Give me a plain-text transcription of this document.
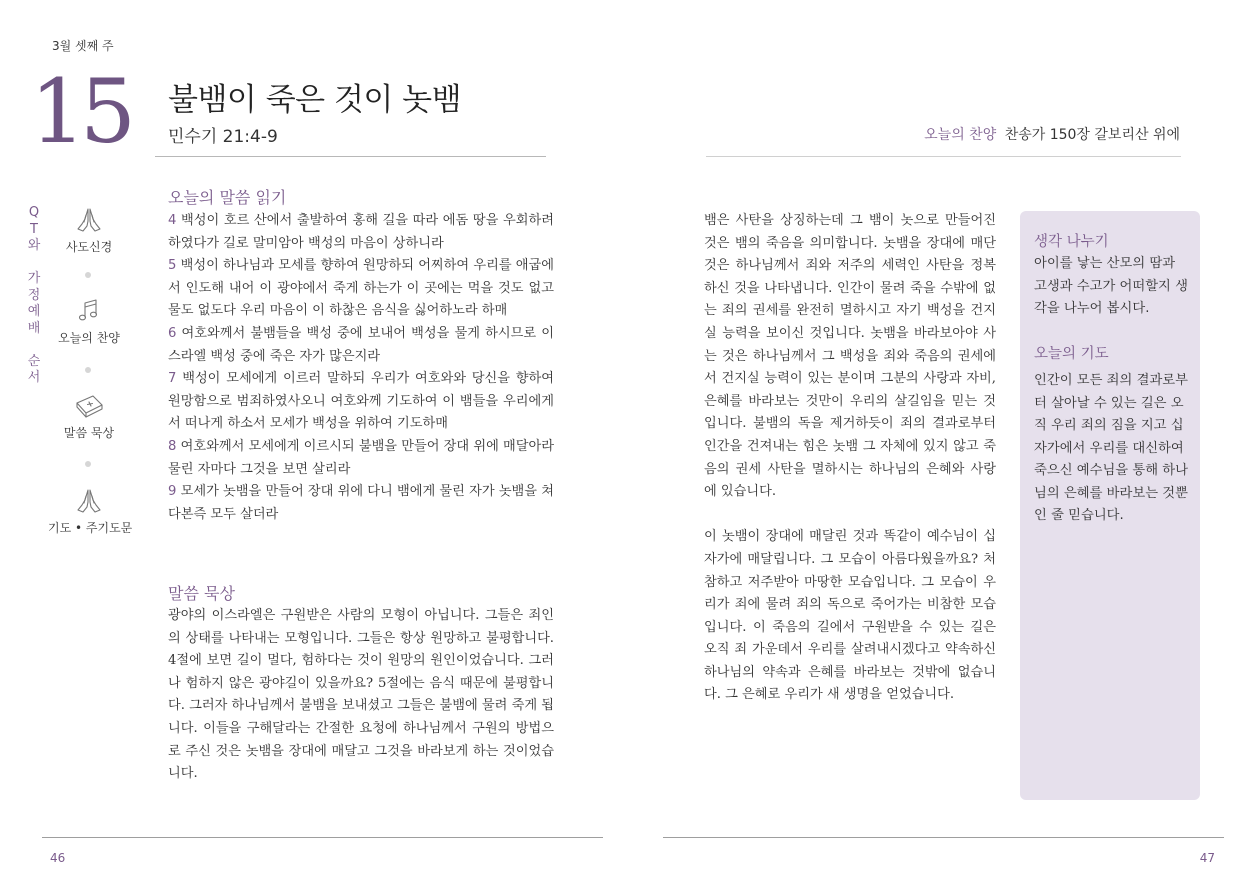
3월 셋째 주
15 불뱀이 죽은 것이 놋뱀
민수기 21:4-9	오늘의 찬양 찬송가 150장 갈보리산 위에
Q
T
와

가
정
예
배

순
서
사도신경
오늘의 찬양
말씀 묵상
기도 • 주기도문
오늘의 말씀 읽기

4 백성이 호르 산에서 출발하여 홍해 길을 따라 에돔 땅을 우회하려 하였다가 길로 말미암아 백성의 마음이 상하니라

5 백성이 하나님과 모세를 향하여 원망하되 어찌하여 우리를 애굽에서 인도해 내어 이 광야에서 죽게 하는가 이 곳에는 먹을 것도 없고 물도 없도다 우리 마음이 이 하찮은 음식을 싫어하노라 하매

6 여호와께서 불뱀들을 백성 중에 보내어 백성을 물게 하시므로 이스라엘 백성 중에 죽은 자가 많은지라

7 백성이 모세에게 이르러 말하되 우리가 여호와와 당신을 향하여 원망함으로 범죄하였사오니 여호와께 기도하여 이 뱀들을 우리에게서 떠나게 하소서 모세가 백성을 위하여 기도하매

8 여호와께서 모세에게 이르시되 불뱀을 만들어 장대 위에 매달아라 물린 자마다 그것을 보면 살리라

9 모세가 놋뱀을 만들어 장대 위에 다니 뱀에게 물린 자가 놋뱀을 쳐다본즉 모두 살더라

말씀 묵상
광야의 이스라엘은 구원받은 사람의 모형이 아닙니다. 그들은 죄인의 상태를 나타내는 모형입니다. 그들은 항상 원망하고 불평합니다. 4절에 보면 길이 멀다, 험하다는 것이 원망의 원인이었습니다. 그러나 험하지 않은 광야길이 있을까요? 5절에는 음식 때문에 불평합니다. 그러자 하나님께서 불뱀을 보내셨고 그들은 불뱀에 물려 죽게 됩니다. 이들을 구해달라는 간절한 요청에 하나님께서 구원의 방법으로 주신 것은 놋뱀을 장대에 매달고 그것을 바라보게 하는 것이었습니다.

뱀은 사탄을 상징하는데 그 뱀이 놋으로 만들어진 것은 뱀의 죽음을 의미합니다. 놋뱀을 장대에 매단 것은 하나님께서 죄와 저주의 세력인 사탄을 정복하신 것을 나타냅니다. 인간이 물려 죽을 수밖에 없는 죄의 권세를 완전히 멸하시고 자기 백성을 건지실 능력을 보이신 것입니다. 놋뱀을 바라보아야 사는 것은 하나님께서 그 백성을 죄와 죽음의 권세에서 건지실 능력이 있는 분이며 그분의 사랑과 자비, 은혜를 바라보는 것만이 우리의 살길임을 믿는 것입니다. 불뱀의 독을 제거하듯이 죄의 결과로부터 인간을 건져내는 힘은 놋뱀 그 자체에 있지 않고 죽음의 권세 사탄을 멸하시는 하나님의 은혜와 사랑에 있습니다.

이 놋뱀이 장대에 매달린 것과 똑같이 예수님이 십자가에 매달립니다. 그 모습이 아름다웠을까요? 처참하고 저주받아 마땅한 모습입니다. 그 모습이 우리가 죄에 물려 죄의 독으로 죽어가는 비참한 모습입니다. 이 죽음의 길에서 구원받을 수 있는 길은 오직 죄 가운데서 우리를 살려내시겠다고 약속하신 하나님의 약속과 은혜를 바라보는 것밖에 없습니다. 그 은혜로 우리가 새 생명을 얻었습니다.

생각 나누기
아이를 낳는 산모의 땀과 고생과 수고가 어떠할지 생각을 나누어 봅시다.
오늘의 기도
인간이 모든 죄의 결과로부터 살아날 수 있는 길은 오직 우리 죄의 짐을 지고 십자가에서 우리를 대신하여 죽으신 예수님을 통해 하나님의 은혜를 바라보는 것뿐인 줄 믿습니다.
46	47
